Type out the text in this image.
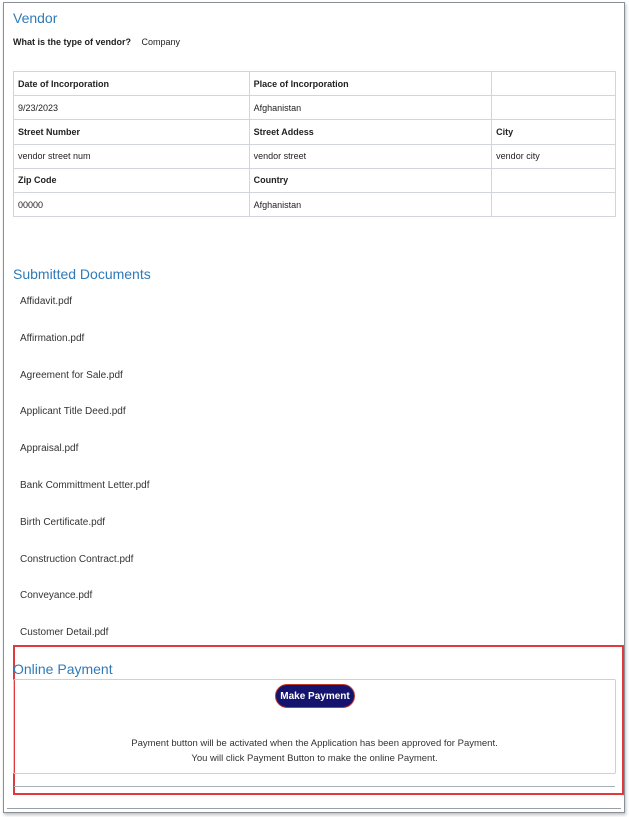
Vendor
What is the type of vendor? Company
Date of Incorporation	Place of Incorporation	
9/23/2023	Afghanistan	
Street Number	Street Addess	City
vendor street num	vendor street	vendor city
Zip Code	Country	
00000	Afghanistan	
Submitted Documents
Affidavit.pdf
Affirmation.pdf
Agreement for Sale.pdf
Applicant Title Deed.pdf
Appraisal.pdf
Bank Committment Letter.pdf
Birth Certificate.pdf
Construction Contract.pdf
Conveyance.pdf
Customer Detail.pdf
Online Payment
Make Payment
Payment button will be activated when the Application has been approved for Payment.
You will click Payment Button to make the online Payment.
